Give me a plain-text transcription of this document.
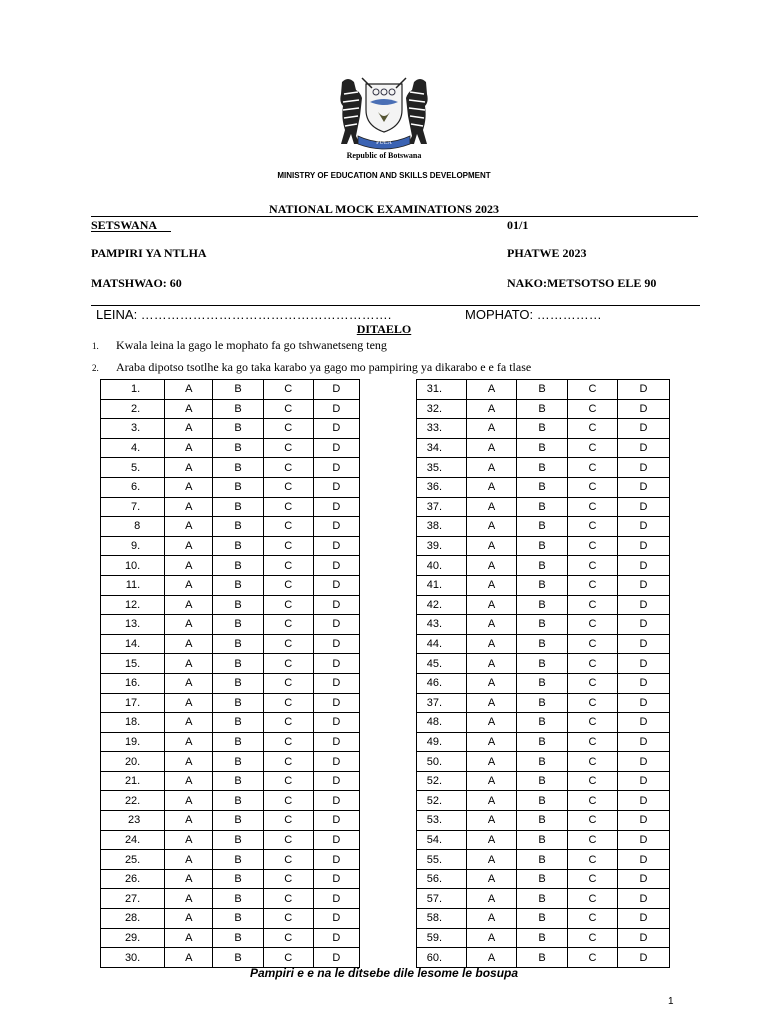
PULA
Republic of Botswana
MINISTRY OF EDUCATION AND SKILLS DEVELOPMENT
NATIONAL MOCK EXAMINATIONS 2023
SETSWANA	01/1
PAMPIRI YA NTLHA	PHATWE 2023
MATSHWAO: 60	NAKO:METSOTSO ELE 90
LEINA: ………………………………………………….	MOPHATO: ……………
DITAELO
1. Kwala leina la gago le mophato fa go tshwanetseng teng
2. Araba dipotso tsotlhe ka go taka karabo ya gago mo pampiring ya dikarabo e e fa tlase
1.	A	B	C	D
2.	A	B	C	D
3.	A	B	C	D
4.	A	B	C	D
5.	A	B	C	D
6.	A	B	C	D
7.	A	B	C	D
8	A	B	C	D
9.	A	B	C	D
10.	A	B	C	D
11.	A	B	C	D
12.	A	B	C	D
13.	A	B	C	D
14.	A	B	C	D
15.	A	B	C	D
16.	A	B	C	D
17.	A	B	C	D
18.	A	B	C	D
19.	A	B	C	D
20.	A	B	C	D
21.	A	B	C	D
22.	A	B	C	D
23	A	B	C	D
24.	A	B	C	D
25.	A	B	C	D
26.	A	B	C	D
27.	A	B	C	D
28.	A	B	C	D
29.	A	B	C	D
30.	A	B	C	D
31.	A	B	C	D
32.	A	B	C	D
33.	A	B	C	D
34.	A	B	C	D
35.	A	B	C	D
36.	A	B	C	D
37.	A	B	C	D
38.	A	B	C	D
39.	A	B	C	D
40.	A	B	C	D
41.	A	B	C	D
42.	A	B	C	D
43.	A	B	C	D
44.	A	B	C	D
45.	A	B	C	D
46.	A	B	C	D
37.	A	B	C	D
48.	A	B	C	D
49.	A	B	C	D
50.	A	B	C	D
52.	A	B	C	D
52.	A	B	C	D
53.	A	B	C	D
54.	A	B	C	D
55.	A	B	C	D
56.	A	B	C	D
57.	A	B	C	D
58.	A	B	C	D
59.	A	B	C	D
60.	A	B	C	D
Pampiri e e na le ditsebe dile lesome le bosupa
1
